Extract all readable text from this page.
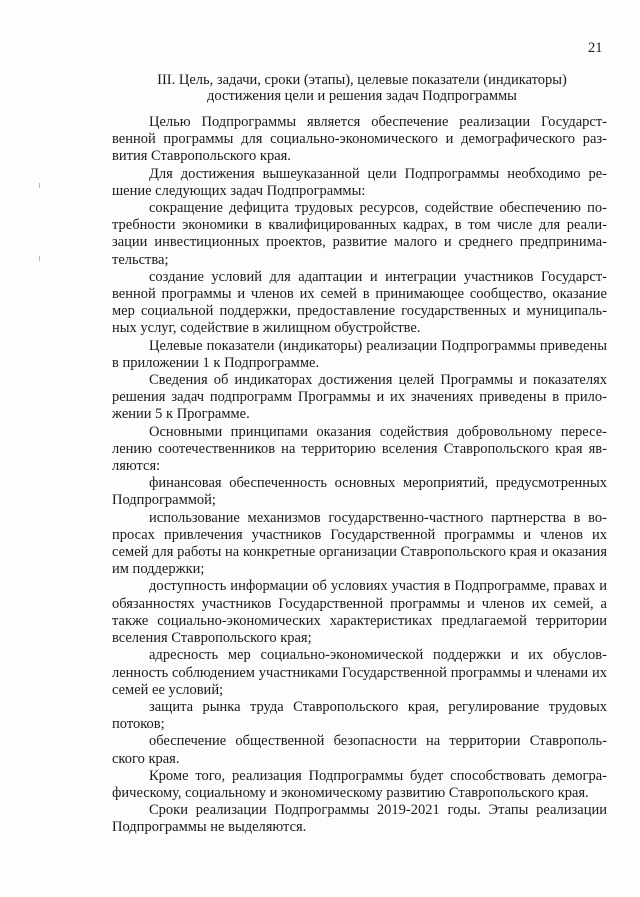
21
III. Цель, задачи, сроки (этапы), целевые показатели (индикаторы)
достижения цели и решения задач Подпрограммы

Целью Подпрограммы является обеспечение реализации Государственной программы для социально-экономического и демографического развития Ставропольского края.

Для достижения вышеуказанной цели Подпрограммы необходимо решение следующих задач Подпрограммы:

сокращение дефицита трудовых ресурсов, содействие обеспечению потребности экономики в квалифицированных кадрах, в том числе для реализации инвестиционных проектов, развитие малого и среднего предпринимательства;

создание условий для адаптации и интеграции участников Государственной программы и членов их семей в принимающее сообщество, оказание мер социальной поддержки, предоставление государственных и муниципальных услуг, содействие в жилищном обустройстве.

Целевые показатели (индикаторы) реализации Подпрограммы приведены в приложении 1 к Подпрограмме.

Сведения об индикаторах достижения целей Программы и показателях решения задач подпрограмм Программы и их значениях приведены в приложении 5 к Программе.

Основными принципами оказания содействия добровольному переселению соотечественников на территорию вселения Ставропольского края являются:

финансовая обеспеченность основных мероприятий, предусмотренных Подпрограммой;

использование механизмов государственно-частного партнерства в вопросах привлечения участников Государственной программы и членов их семей для работы на конкретные организации Ставропольского края и оказания им поддержки;

доступность информации об условиях участия в Подпрограмме, правах и обязанностях участников Государственной программы и членов их семей, а также социально-экономических характеристиках предлагаемой территории вселения Ставропольского края;

адресность мер социально-экономической поддержки и их обусловленность соблюдением участниками Государственной программы и членами их семей ее условий;

защита рынка труда Ставропольского края, регулирование трудовых потоков;

обеспечение общественной безопасности на территории Ставропольского края.

Кроме того, реализация Подпрограммы будет способствовать демографическому, социальному и экономическому развитию Ставропольского края.

Сроки реализации Подпрограммы 2019-2021 годы. Этапы реализации Подпрограммы не выделяются.
